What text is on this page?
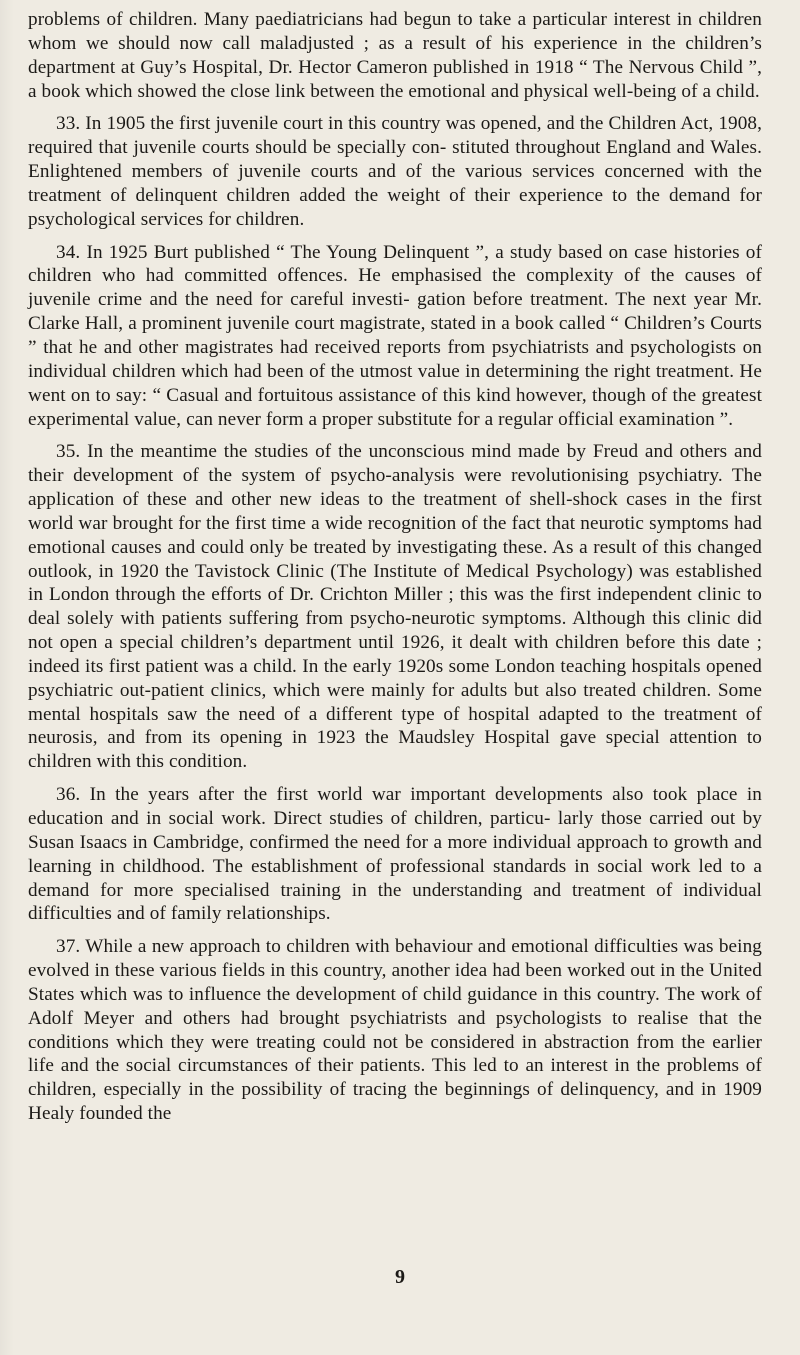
problems of children. Many paediatricians had begun to take a particular interest in children whom we should now call maladjusted ; as a result of his experience in the children’s department at Guy’s Hospital, Dr. Hector Cameron published in 1918 “ The Nervous Child ”, a book which showed the close link between the emotional and physical well-being of a child.

33. In 1905 the first juvenile court in this country was opened, and the Children Act, 1908, required that juvenile courts should be specially con- stituted throughout England and Wales. Enlightened members of juvenile courts and of the various services concerned with the treatment of delinquent children added the weight of their experience to the demand for psychological services for children.

34. In 1925 Burt published “ The Young Delinquent ”, a study based on case histories of children who had committed offences. He emphasised the complexity of the causes of juvenile crime and the need for careful investi- gation before treatment. The next year Mr. Clarke Hall, a prominent juvenile court magistrate, stated in a book called “ Children’s Courts ” that he and other magistrates had received reports from psychiatrists and psychologists on individual children which had been of the utmost value in determining the right treatment. He went on to say: “ Casual and fortuitous assistance of this kind however, though of the greatest experimental value, can never form a proper substitute for a regular official examination ”.

35. In the meantime the studies of the unconscious mind made by Freud and others and their development of the system of psycho-analysis were revolutionising psychiatry. The application of these and other new ideas to the treatment of shell-shock cases in the first world war brought for the first time a wide recognition of the fact that neurotic symptoms had emotional causes and could only be treated by investigating these. As a result of this changed outlook, in 1920 the Tavistock Clinic (The Institute of Medical Psychology) was established in London through the efforts of Dr. Crichton Miller ; this was the first independent clinic to deal solely with patients suffering from psycho-neurotic symptoms. Although this clinic did not open a special children’s department until 1926, it dealt with children before this date ; indeed its first patient was a child. In the early 1920s some London teaching hospitals opened psychiatric out-patient clinics, which were mainly for adults but also treated children. Some mental hospitals saw the need of a different type of hospital adapted to the treatment of neurosis, and from its opening in 1923 the Maudsley Hospital gave special attention to children with this condition.

36. In the years after the first world war important developments also took place in education and in social work. Direct studies of children, particu- larly those carried out by Susan Isaacs in Cambridge, confirmed the need for a more individual approach to growth and learning in childhood. The establishment of professional standards in social work led to a demand for more specialised training in the understanding and treatment of individual difficulties and of family relationships.

37. While a new approach to children with behaviour and emotional difficulties was being evolved in these various fields in this country, another idea had been worked out in the United States which was to influence the development of child guidance in this country. The work of Adolf Meyer and others had brought psychiatrists and psychologists to realise that the conditions which they were treating could not be considered in abstraction from the earlier life and the social circumstances of their patients. This led to an interest in the problems of children, especially in the possibility of tracing the beginnings of delinquency, and in 1909 Healy founded the

9
